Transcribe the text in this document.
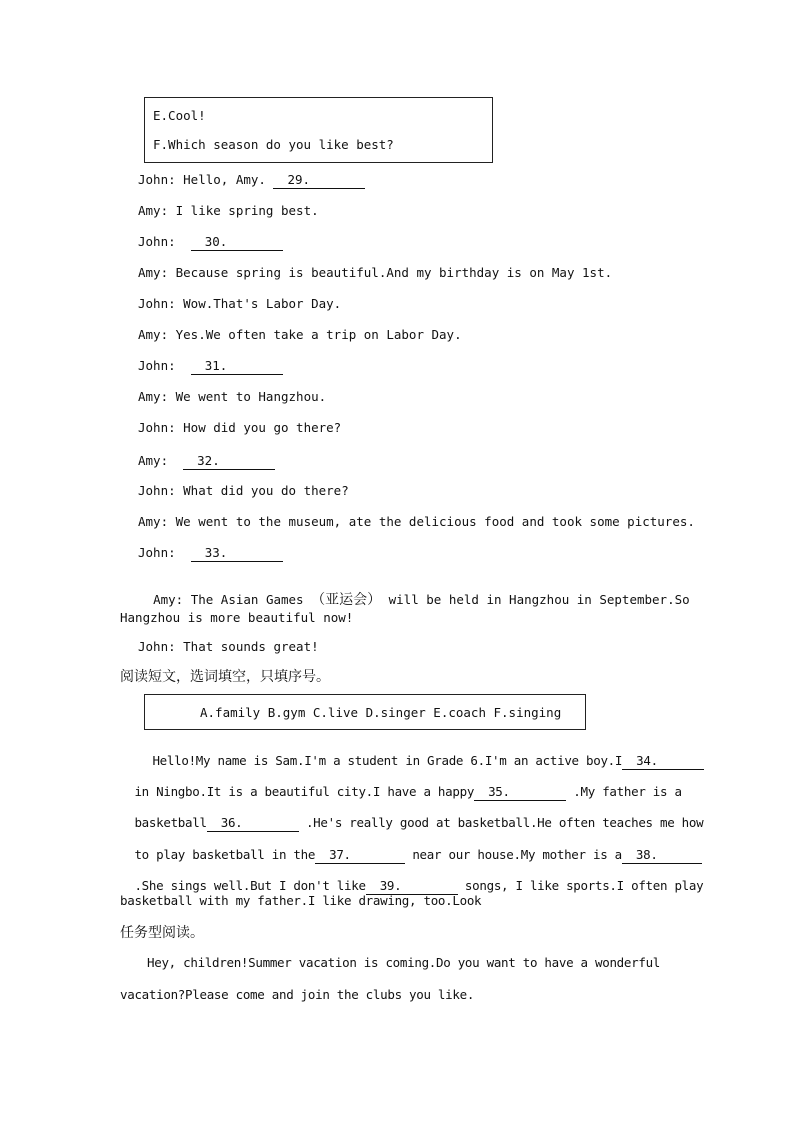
E.Cool!
F.Which season do you like best?
John: Hello, Amy. 29.
Amy: I like spring best.
John:  30.
Amy: Because spring is beautiful.And my birthday is on May 1st.
John: Wow.That's Labor Day.
Amy: Yes.We often take a trip on Labor Day.
John:  31.
Amy: We went to Hangzhou.
John: How did you go there?
Amy:  32.
John: What did you do there?
Amy: We went to the museum, ate the delicious food and took some pictures.
John:  33.

Amy: The Asian Games （亚运会） will be held in Hangzhou in September.So

Hangzhou is more beautiful now!
John: That sounds great!
阅读短文，选词填空，只填序号。
A.family B.gym C.live D.singer E.coach F.singing

Hello!My name is Sam.I'm a student in Grade 6.I'm an active boy.I 34.

in Ningbo.It is a beautiful city.I have a happy 35.	.My father is a

basketball 36.	.He's really good at basketball.He often teaches me how

to play basketball in the 37.	near our house.My mother is a 38.

.She sings well.But I don't like 39.	songs, I like sports.I often play

basketball with my father.I like drawing, too.Look
任务型阅读。
Hey, children!Summer vacation is coming.Do you want to have a wonderful
vacation?Please come and join the clubs you like.
